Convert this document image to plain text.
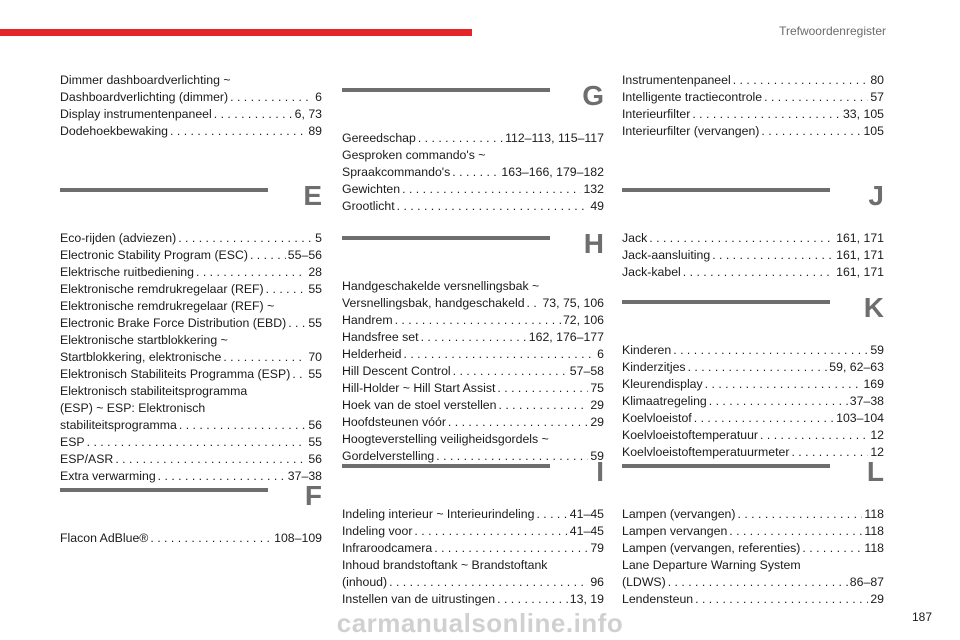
Trefwoordenregister
Dimmer dashboardverlichting ~
Dashboardverlichting (dimmer) . . .	6
Display instrumentenpaneel . . .	6, 73
Dodehoekbewaking . . .	89
E
Eco-rijden (adviezen) . . .	5
Electronic Stability Program (ESC) . . .	55–56
Elektrische ruitbediening . . .	28
Elektronische remdrukregelaar (REF) . . .	55
Elektronische remdrukregelaar (REF) ~
Electronic Brake Force Distribution (EBD) . . . 55
Elektronische startblokkering ~
Startblokkering, elektronische . . .	70
Elektronisch Stabiliteits Programma (ESP) . . . 55
Elektronisch stabiliteitsprogramma
(ESP) ~ ESP: Elektronisch
stabiliteitsprogramma . . .	56
ESP . . .	55
ESP/ASR . . .	56
Extra verwarming . . .	37–38
F
Flacon AdBlue® . . .	108–109
G
Gereedschap . . .	112–113, 115–117
Gesproken commando's ~
Spraakcommando's . . .	163–166, 179–182
Gewichten . . .	132
Grootlicht . . .	49
H
Handgeschakelde versnellingsbak ~
Versnellingsbak, handgeschakeld . . . 73, 75, 106
Handrem . . .	72, 106
Handsfree set . . .	162, 176–177
Helderheid . . .	6
Hill Descent Control . . .	57–58
Hill-Holder ~ Hill Start Assist . . .	75
Hoek van de stoel verstellen . . .	29
Hoofdsteunen vóór . . .	29
Hoogteverstelling veiligheidsgordels ~
Gordelverstelling . . .	59
I
Indeling interieur ~ Interieurindeling . . .	41–45
Indeling voor . . .	41–45
Infraroodcamera . . .	79
Inhoud brandstoftank ~ Brandstoftank
(inhoud) . . .	96
Instellen van de uitrustingen . . .	13, 19
Instrumentenpaneel . . .	80
Intelligente tractiecontrole . . .	57
Interieurfilter . . .	33, 105
Interieurfilter (vervangen) . . .	105
J
Jack . . .	161, 171
Jack-aansluiting . . .	161, 171
Jack-kabel . . .	161, 171
K
Kinderen . . .	59
Kinderzitjes . . .	59, 62–63
Kleurendisplay . . .	169
Klimaatregeling . . .	37–38
Koelvloeistof . . .	103–104
Koelvloeistoftemperatuur . . .	12
Koelvloeistoftemperatuurmeter . . .	12
L
Lampen (vervangen) . . .	118
Lampen vervangen . . .	118
Lampen (vervangen, referenties) . . .	118
Lane Departure Warning System
(LDWS) . . .	86–87
Lendensteun . . .	29
carmanualsonline.info	187
